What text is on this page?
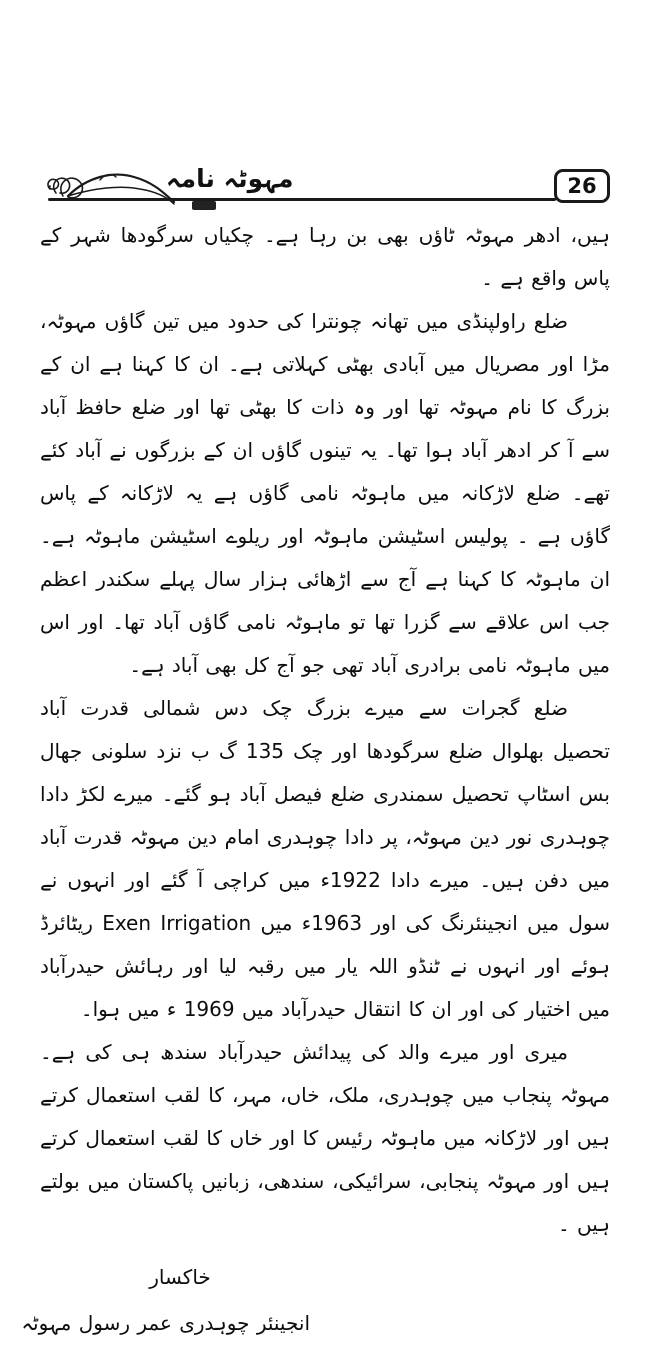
مہوٹہ نامہ	26

ہیں، ادھر مہوٹہ ٹاؤں بھی بن رہا ہے۔ چکیاں سرگودھا شہر کے پاس واقع ہے ۔

ضلع راولپنڈی میں تھانہ چونترا کی حدود میں تین گاؤں مہوٹہ، مڑا اور مصریال میں آبادی بھٹی کہلاتی ہے۔ ان کا کہنا ہے ان کے بزرگ کا نام مہوٹہ تھا اور وہ ذات کا بھٹی تھا اور ضلع حافظ آباد سے آ کر ادھر آباد ہوا تھا۔ یہ تینوں گاؤں ان کے بزرگوں نے آباد کئے تھے۔ ضلع لاڑکانہ میں ماہوٹہ نامی گاؤں ہے یہ لاڑکانہ کے پاس گاؤں ہے ۔ پولیس اسٹیشن ماہوٹہ اور ریلوے اسٹیشن ماہوٹہ ہے۔ ان ماہوٹہ کا کہنا ہے آج سے اڑھائی ہزار سال پہلے سکندر اعظم جب اس علاقے سے گزرا تھا تو ماہوٹہ نامی گاؤں آباد تھا۔ اور اس میں ماہوٹہ نامی برادری آباد تھی جو آج کل بھی آباد ہے۔

ضلع گجرات سے میرے بزرگ چک دس شمالی قدرت آباد تحصیل بھلوال ضلع سرگودھا اور چک 135 گ ب نزد سلونی جھال بس اسٹاپ تحصیل سمندری ضلع فیصل آباد ہو گئے۔ میرے لکڑ دادا چوہدری نور دین مہوٹہ، پر دادا چوہدری امام دین مہوٹہ قدرت آباد میں دفن ہیں۔ میرے دادا 1922ء میں کراچی آ گئے اور انہوں نے سول میں انجینئرنگ کی اور 1963ء میں Exen Irrigation ریٹائرڈ ہوئے اور انہوں نے ٹنڈو اللہ یار میں رقبہ لیا اور رہائش حیدرآباد میں اختیار کی اور ان کا انتقال حیدرآباد میں 1969 ء میں ہوا۔

میری اور میرے والد کی پیدائش حیدرآباد سندھ ہی کی ہے۔ مہوٹہ پنجاب میں چوہدری، ملک، خاں، مہر، کا لقب استعمال کرتے ہیں اور لاڑکانہ میں ماہوٹہ رئیس کا اور خاں کا لقب استعمال کرتے ہیں اور مہوٹہ پنجابی، سرائیکی، سندھی، زبانیں پاکستان میں بولتے ہیں ۔

خاکسار
انجینئر چوہدری عمر رسول مہوٹہ
